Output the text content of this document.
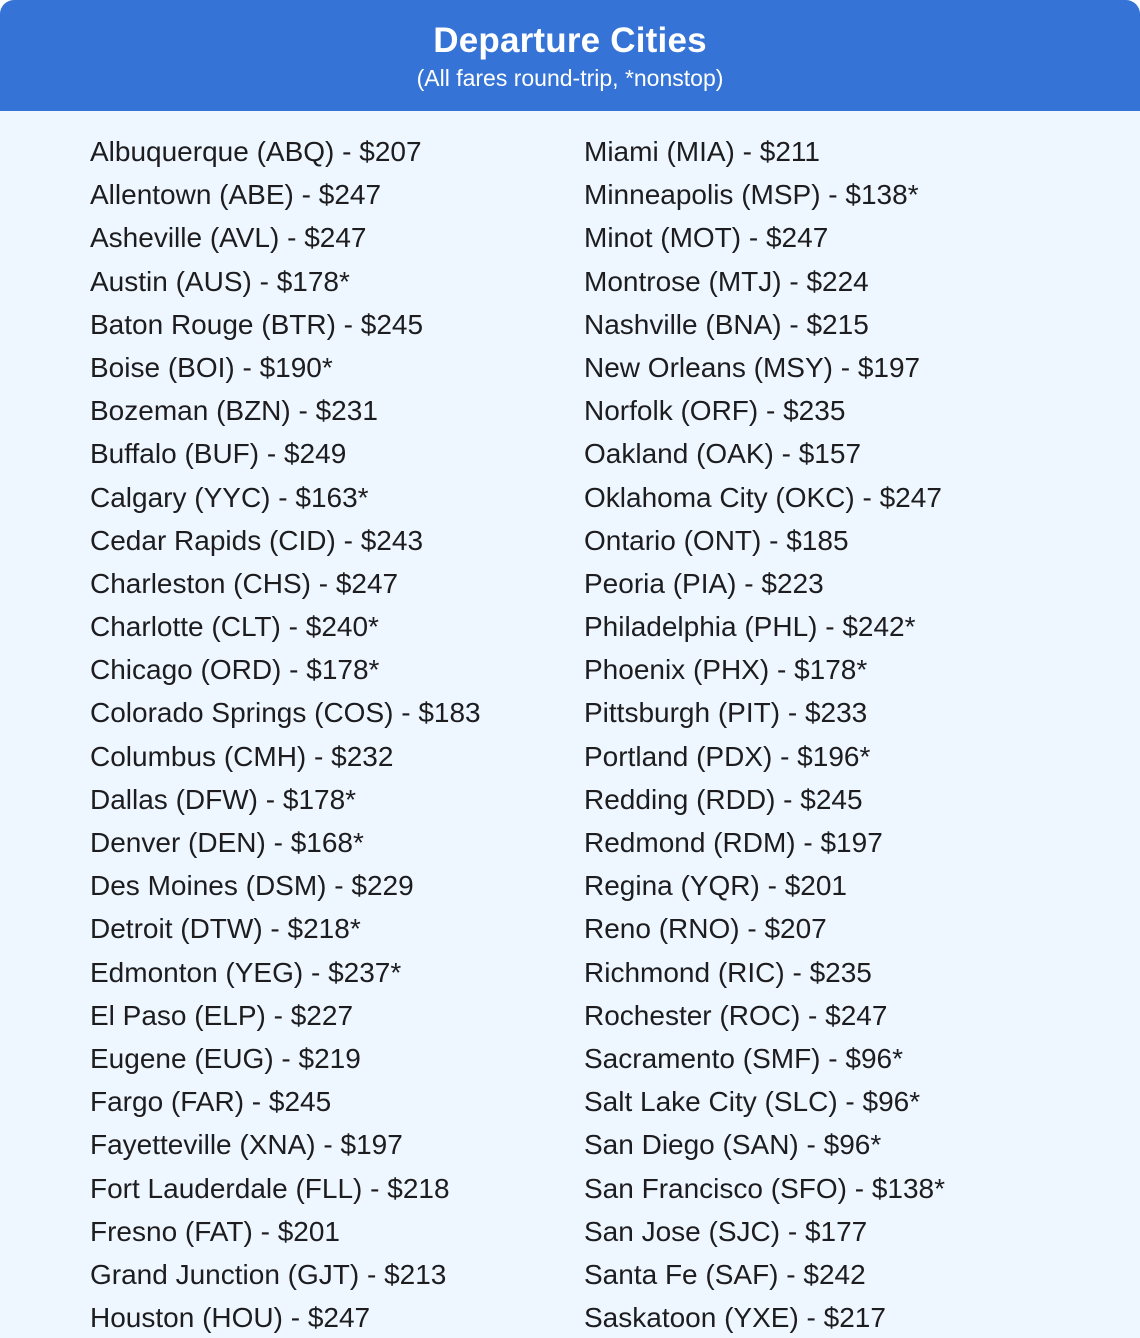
Departure Cities
(All fares round-trip, *nonstop)
Albuquerque (ABQ) - $207
Allentown (ABE) - $247
Asheville (AVL) - $247
Austin (AUS) - $178*
Baton Rouge (BTR) - $245
Boise (BOI) - $190*
Bozeman (BZN) - $231
Buffalo (BUF) - $249
Calgary (YYC) - $163*
Cedar Rapids (CID) - $243
Charleston (CHS) - $247
Charlotte (CLT) - $240*
Chicago (ORD) - $178*
Colorado Springs (COS) - $183
Columbus (CMH) - $232
Dallas (DFW) - $178*
Denver (DEN) - $168*
Des Moines (DSM) - $229
Detroit (DTW) - $218*
Edmonton (YEG) - $237*
El Paso (ELP) - $227
Eugene (EUG) - $219
Fargo (FAR) - $245
Fayetteville (XNA) - $197
Fort Lauderdale (FLL) - $218
Fresno (FAT) - $201
Grand Junction (GJT) - $213
Houston (HOU) - $247
Miami (MIA) - $211
Minneapolis (MSP) - $138*
Minot (MOT) - $247
Montrose (MTJ) - $224
Nashville (BNA) - $215
New Orleans (MSY) - $197
Norfolk (ORF) - $235
Oakland (OAK) - $157
Oklahoma City (OKC) - $247
Ontario (ONT) - $185
Peoria (PIA) - $223
Philadelphia (PHL) - $242*
Phoenix (PHX) - $178*
Pittsburgh (PIT) - $233
Portland (PDX) - $196*
Redding (RDD) - $245
Redmond (RDM) - $197
Regina (YQR) - $201
Reno (RNO) - $207
Richmond (RIC) - $235
Rochester (ROC) - $247
Sacramento (SMF) - $96*
Salt Lake City (SLC) - $96*
San Diego (SAN) - $96*
San Francisco (SFO) - $138*
San Jose (SJC) - $177
Santa Fe (SAF) - $242
Saskatoon (YXE) - $217
